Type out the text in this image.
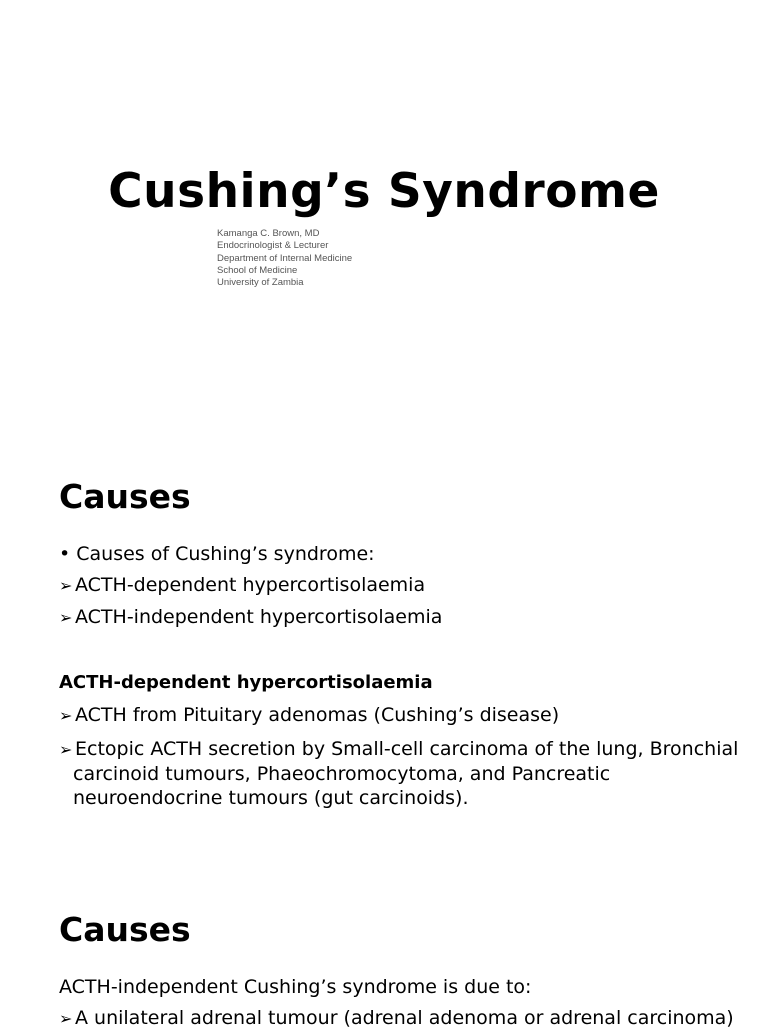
Cushing’s Syndrome
Kamanga C. Brown, MD
Endocrinologist & Lecturer
Department of Internal Medicine
School of Medicine
University of Zambia
Causes
• Causes of Cushing’s syndrome:
➢ ACTH-dependent hypercortisolaemia
➢ ACTH-independent hypercortisolaemia
ACTH-dependent hypercortisolaemia
➢ ACTH from Pituitary adenomas (Cushing’s disease)
➢ Ectopic ACTH secretion by Small-cell carcinoma of the lung, Bronchial
carcinoid tumours, Phaeochromocytoma, and Pancreatic
neuroendocrine tumours (gut carcinoids).
Causes
ACTH-independent Cushing’s syndrome is due to:
➢ A unilateral adrenal tumour (adrenal adenoma or adrenal carcinoma)
